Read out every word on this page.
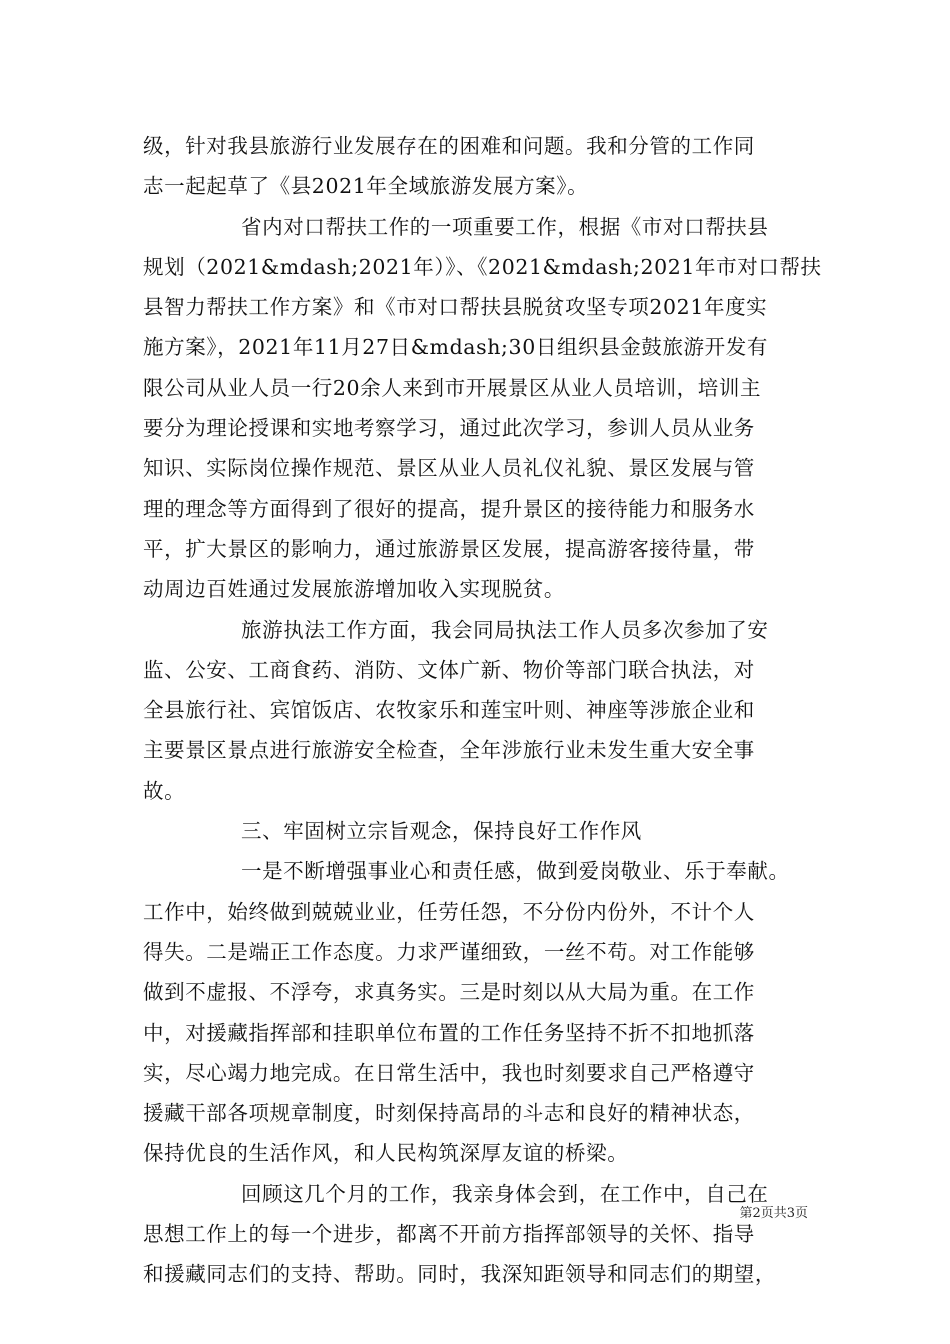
级，针对我县旅游行业发展存在的困难和问题。我和分管的工作同
志一起起草了《县2021年全域旅游发展方案》。
省内对口帮扶工作的一项重要工作，根据《市对口帮扶县
规划（2021&mdash;2021年）》、《2021&mdash;2021年市对口帮扶
县智力帮扶工作方案》和《市对口帮扶县脱贫攻坚专项2021年度实
施方案》，2021年11月27日&mdash;30日组织县金鼓旅游开发有
限公司从业人员一行20余人来到市开展景区从业人员培训，培训主
要分为理论授课和实地考察学习，通过此次学习，参训人员从业务
知识、实际岗位操作规范、景区从业人员礼仪礼貌、景区发展与管
理的理念等方面得到了很好的提高，提升景区的接待能力和服务水
平，扩大景区的影响力，通过旅游景区发展，提高游客接待量，带
动周边百姓通过发展旅游增加收入实现脱贫。
旅游执法工作方面，我会同局执法工作人员多次参加了安
监、公安、工商食药、消防、文体广新、物价等部门联合执法，对
全县旅行社、宾馆饭店、农牧家乐和莲宝叶则、神座等涉旅企业和
主要景区景点进行旅游安全检查，全年涉旅行业未发生重大安全事
故。
三、牢固树立宗旨观念，保持良好工作作风
一是不断增强事业心和责任感，做到爱岗敬业、乐于奉献。
工作中，始终做到兢兢业业，任劳任怨，不分份内份外，不计个人
得失。二是端正工作态度。力求严谨细致，一丝不苟。对工作能够
做到不虚报、不浮夸，求真务实。三是时刻以从大局为重。在工作
中，对援藏指挥部和挂职单位布置的工作任务坚持不折不扣地抓落
实，尽心竭力地完成。在日常生活中，我也时刻要求自己严格遵守
援藏干部各项规章制度，时刻保持高昂的斗志和良好的精神状态，
保持优良的生活作风，和人民构筑深厚友谊的桥梁。
回顾这几个月的工作，我亲身体会到，在工作中，自己在
思想工作上的每一个进步，都离不开前方指挥部领导的关怀、指导
和援藏同志们的支持、帮助。同时，我深知距领导和同志们的期望，
第2页共3页
